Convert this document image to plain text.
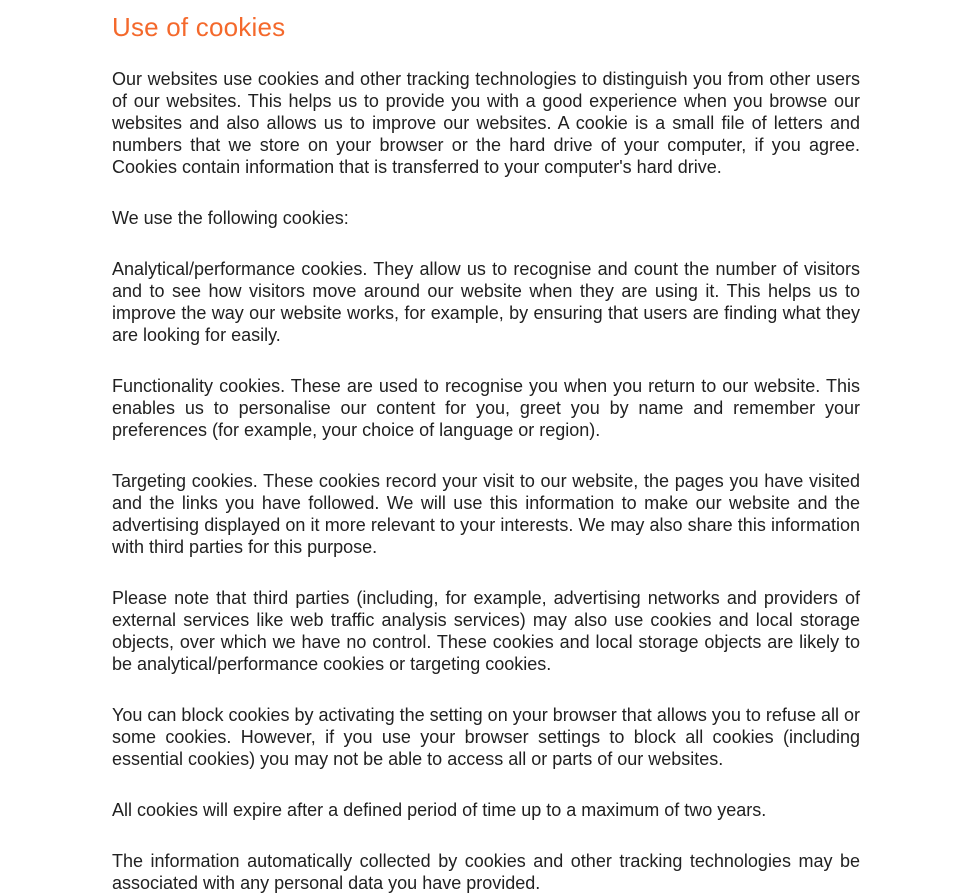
Use of cookies

Our websites use cookies and other tracking technologies to distinguish you from other users of our websites. This helps us to provide you with a good experience when you browse our websites and also allows us to improve our websites. A cookie is a small file of letters and numbers that we store on your browser or the hard drive of your computer, if you agree. Cookies contain information that is transferred to your computer's hard drive.

We use the following cookies:

Analytical/performance cookies. They allow us to recognise and count the number of visitors and to see how visitors move around our website when they are using it. This helps us to improve the way our website works, for example, by ensuring that users are finding what they are looking for easily.

Functionality cookies. These are used to recognise you when you return to our website. This enables us to personalise our content for you, greet you by name and remember your preferences (for example, your choice of language or region).

Targeting cookies. These cookies record your visit to our website, the pages you have visited and the links you have followed. We will use this information to make our website and the advertising displayed on it more relevant to your interests. We may also share this information with third parties for this purpose.

Please note that third parties (including, for example, advertising networks and providers of external services like web traffic analysis services) may also use cookies and local storage objects, over which we have no control. These cookies and local storage objects are likely to be analytical/performance cookies or targeting cookies.

You can block cookies by activating the setting on your browser that allows you to refuse all or some cookies. However, if you use your browser settings to block all cookies (including essential cookies) you may not be able to access all or parts of our websites.

All cookies will expire after a defined period of time up to a maximum of two years.

The information automatically collected by cookies and other tracking technologies may be associated with any personal data you have provided.
